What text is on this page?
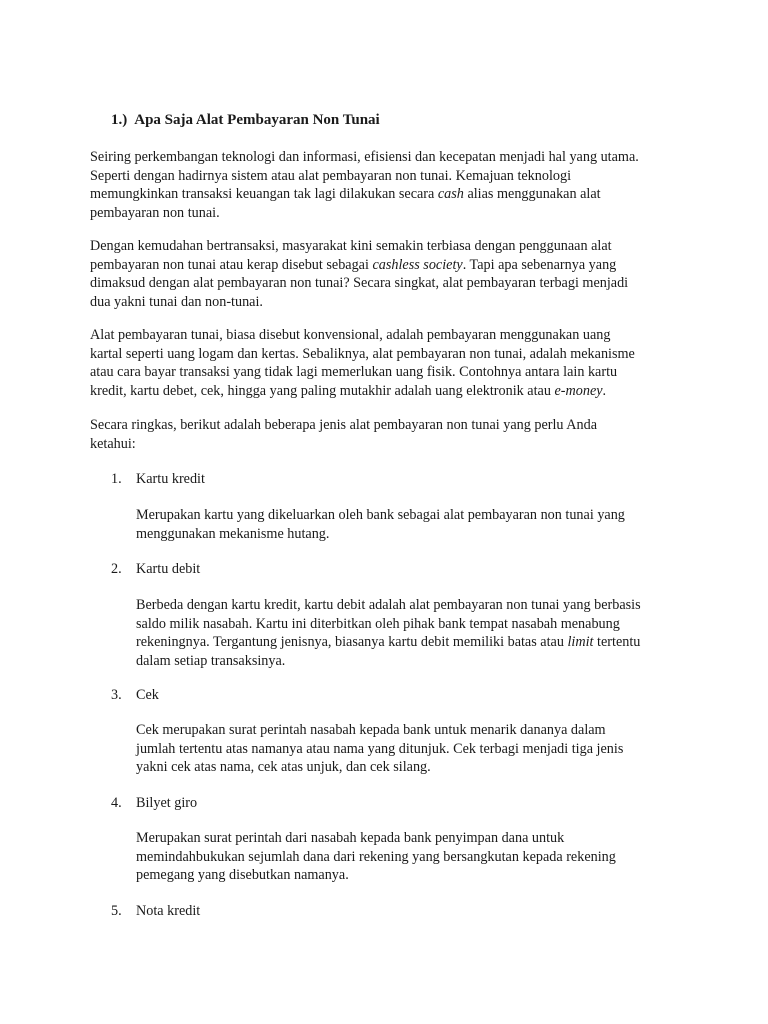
1.) Apa Saja Alat Pembayaran Non Tunai
Seiring perkembangan teknologi dan informasi, efisiensi dan kecepatan menjadi hal yang utama.
Seperti dengan hadirnya sistem atau alat pembayaran non tunai. Kemajuan teknologi
memungkinkan transaksi keuangan tak lagi dilakukan secara cash alias menggunakan alat
pembayaran non tunai.
Dengan kemudahan bertransaksi, masyarakat kini semakin terbiasa dengan penggunaan alat
pembayaran non tunai atau kerap disebut sebagai cashless society. Tapi apa sebenarnya yang
dimaksud dengan alat pembayaran non tunai? Secara singkat, alat pembayaran terbagi menjadi
dua yakni tunai dan non-tunai.
Alat pembayaran tunai, biasa disebut konvensional, adalah pembayaran menggunakan uang
kartal seperti uang logam dan kertas. Sebaliknya, alat pembayaran non tunai, adalah mekanisme
atau cara bayar transaksi yang tidak lagi memerlukan uang fisik. Contohnya antara lain kartu
kredit, kartu debet, cek, hingga yang paling mutakhir adalah uang elektronik atau e-money.
Secara ringkas, berikut adalah beberapa jenis alat pembayaran non tunai yang perlu Anda
ketahui:
1. Kartu kredit
Merupakan kartu yang dikeluarkan oleh bank sebagai alat pembayaran non tunai yang
menggunakan mekanisme hutang.
2. Kartu debit
Berbeda dengan kartu kredit, kartu debit adalah alat pembayaran non tunai yang berbasis
saldo milik nasabah. Kartu ini diterbitkan oleh pihak bank tempat nasabah menabung
rekeningnya. Tergantung jenisnya, biasanya kartu debit memiliki batas atau limit tertentu
dalam setiap transaksinya.
3. Cek
Cek merupakan surat perintah nasabah kepada bank untuk menarik dananya dalam
jumlah tertentu atas namanya atau nama yang ditunjuk. Cek terbagi menjadi tiga jenis
yakni cek atas nama, cek atas unjuk, dan cek silang.
4. Bilyet giro
Merupakan surat perintah dari nasabah kepada bank penyimpan dana untuk
memindahbukukan sejumlah dana dari rekening yang bersangkutan kepada rekening
pemegang yang disebutkan namanya.
5. Nota kredit
